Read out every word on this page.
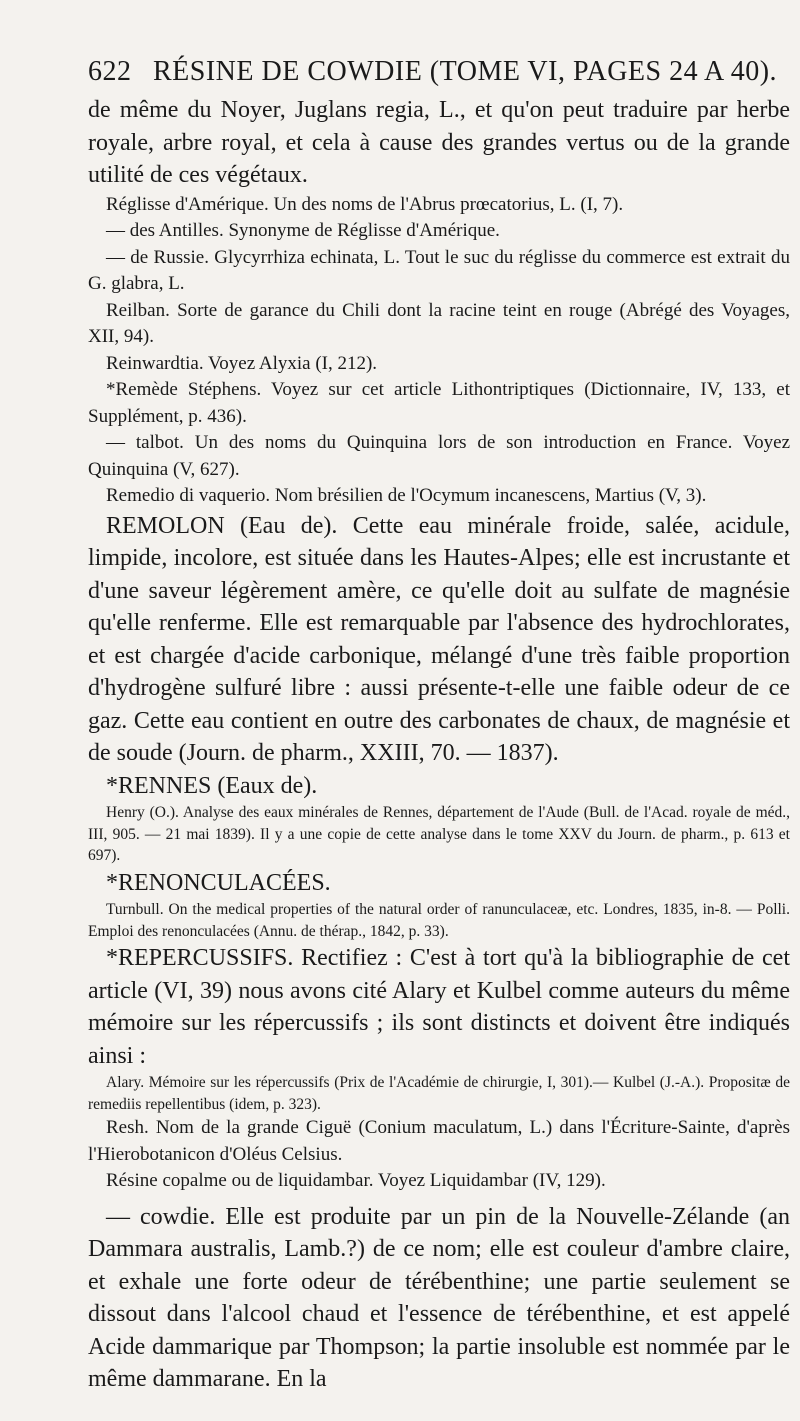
622 RÉSINE DE COWDIE (TOME VI, PAGES 24 A 40).

de même du Noyer, Juglans regia, L., et qu'on peut traduire par herbe royale, arbre royal, et cela à cause des grandes vertus ou de la grande utilité de ces végétaux.

Réglisse d'Amérique. Un des noms de l'Abrus prœcatorius, L. (I, 7).

— des Antilles. Synonyme de Réglisse d'Amérique.

— de Russie. Glycyrrhiza echinata, L. Tout le suc du réglisse du commerce est extrait du G. glabra, L.

Reilban. Sorte de garance du Chili dont la racine teint en rouge (Abrégé des Voyages, XII, 94).

Reinwardtia. Voyez Alyxia (I, 212).

*Remède Stéphens. Voyez sur cet article Lithontriptiques (Dictionnaire, IV, 133, et Supplément, p. 436).

— talbot. Un des noms du Quinquina lors de son introduction en France. Voyez Quinquina (V, 627).

Remedio di vaquerio. Nom brésilien de l'Ocymum incanescens, Martius (V, 3).

REMOLON (Eau de). Cette eau minérale froide, salée, acidule, limpide, incolore, est située dans les Hautes-Alpes; elle est incrustante et d'une saveur légèrement amère, ce qu'elle doit au sulfate de magnésie qu'elle renferme. Elle est remarquable par l'absence des hydrochlorates, et est chargée d'acide carbonique, mélangé d'une très faible proportion d'hydrogène sulfuré libre : aussi présente-t-elle une faible odeur de ce gaz. Cette eau contient en outre des carbonates de chaux, de magnésie et de soude (Journ. de pharm., XXIII, 70. — 1837).

*RENNES (Eaux de).

Henry (O.). Analyse des eaux minérales de Rennes, département de l'Aude (Bull. de l'Acad. royale de méd., III, 905. — 21 mai 1839). Il y a une copie de cette analyse dans le tome XXV du Journ. de pharm., p. 613 et 697).

*RENONCULACÉES.

Turnbull. On the medical properties of the natural order of ranunculaceæ, etc. Londres, 1835, in-8. — Polli. Emploi des renonculacées (Annu. de thérap., 1842, p. 33).

*REPERCUSSIFS. Rectifiez : C'est à tort qu'à la bibliographie de cet article (VI, 39) nous avons cité Alary et Kulbel comme auteurs du même mémoire sur les répercussifs ; ils sont distincts et doivent être indiqués ainsi :

Alary. Mémoire sur les répercussifs (Prix de l'Académie de chirurgie, I, 301).— Kulbel (J.-A.). Propositæ de remediis repellentibus (idem, p. 323).

Resh. Nom de la grande Ciguë (Conium maculatum, L.) dans l'Écriture-Sainte, d'après l'Hierobotanicon d'Oléus Celsius.

Résine copalme ou de liquidambar. Voyez Liquidambar (IV, 129).

— cowdie. Elle est produite par un pin de la Nouvelle-Zélande (an Dammara australis, Lamb.?) de ce nom; elle est couleur d'ambre claire, et exhale une forte odeur de térébenthine; une partie seulement se dissout dans l'alcool chaud et l'essence de térébenthine, et est appelé Acide dammarique par Thompson; la partie insoluble est nommée par le même dammarane. En la
